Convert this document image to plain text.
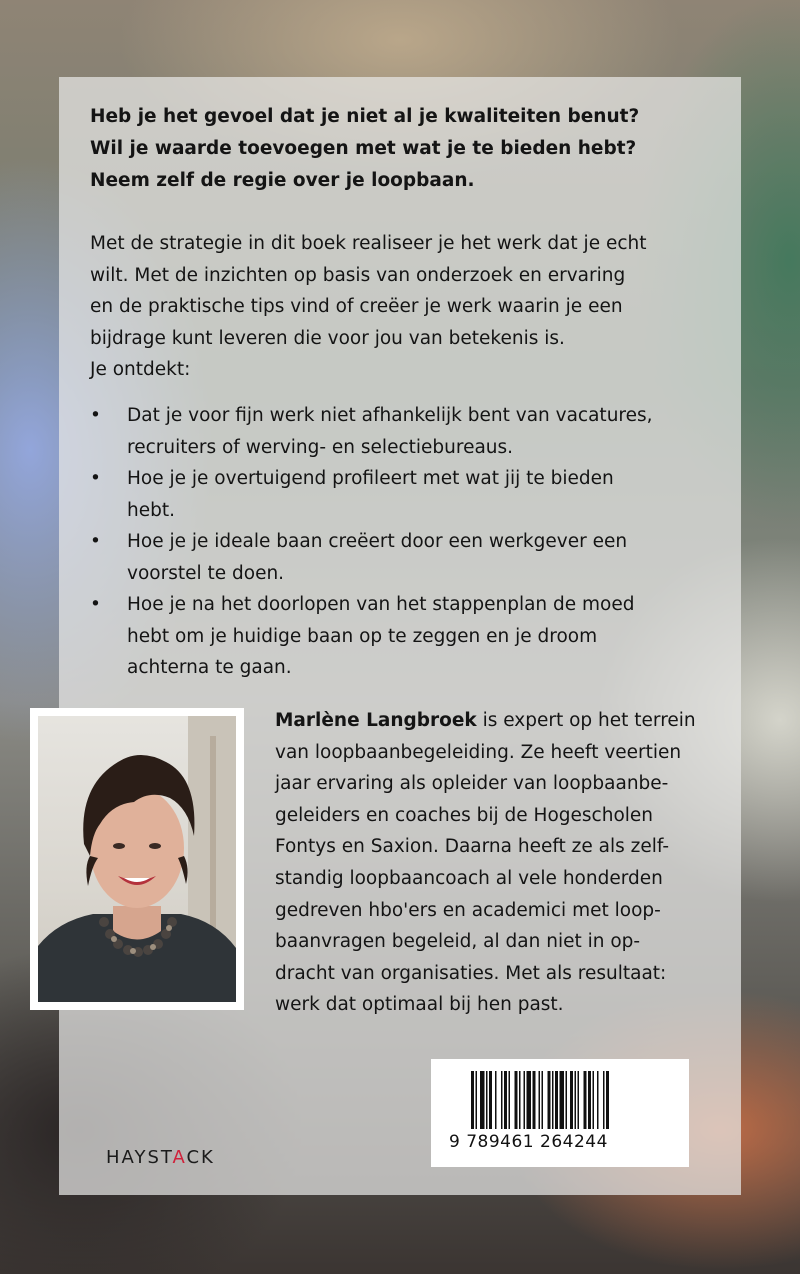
Heb je het gevoel dat je niet al je kwaliteiten benut?
Wil je waarde toevoegen met wat je te bieden hebt?
Neem zelf de regie over je loopbaan.
Met de strategie in dit boek realiseer je het werk dat je echt
wilt. Met de inzichten op basis van onderzoek en ervaring
en de praktische tips vind of creëer je werk waarin je een
bijdrage kunt leveren die voor jou van betekenis is.
Je ontdekt:
• Dat je voor fijn werk niet afhankelijk bent van vacatures,
recruiters of werving- en selectiebureaus.
• Hoe je je overtuigend profileert met wat jij te bieden
hebt.
• Hoe je je ideale baan creëert door een werkgever een
voorstel te doen.
• Hoe je na het doorlopen van het stappenplan de moed
hebt om je huidige baan op te zeggen en je droom
achterna te gaan.
Marlène Langbroek is expert op het terrein
van loopbaanbegeleiding. Ze heeft veertien
jaar ervaring als opleider van loopbaanbe-
geleiders en coaches bij de Hogescholen
Fontys en Saxion. Daarna heeft ze als zelf-
standig loopbaancoach al vele honderden
gedreven hbo'ers en academici met loop-
baanvragen begeleid, al dan niet in op-
dracht van organisaties. Met als resultaat:
werk dat optimaal bij hen past.
9 789461 264244
HAYSTACK
